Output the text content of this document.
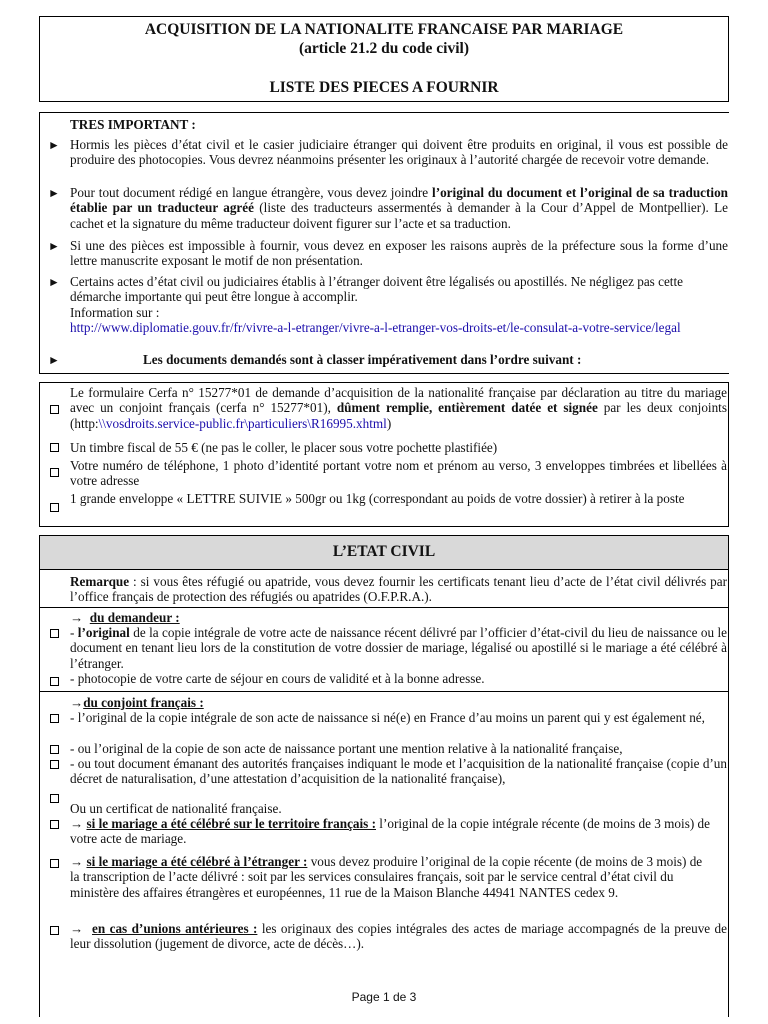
ACQUISITION DE LA NATIONALITE FRANCAISE PAR MARIAGE
(article 21.2 du code civil)
LISTE DES PIECES A FOURNIR
TRES IMPORTANT :
► Hormis les pièces d’état civil et le casier judiciaire étranger qui doivent être produits en original, il vous est possible de produire des photocopies. Vous devrez néanmoins présenter les originaux à l’autorité chargée de recevoir votre demande.
► Pour tout document rédigé en langue étrangère, vous devez joindre l’original du document et l’original de sa traduction établie par un traducteur agréé (liste des traducteurs assermentés à demander à la Cour d’Appel de Montpellier). Le cachet et la signature du même traducteur doivent figurer sur l’acte et sa traduction.
► Si une des pièces est impossible à fournir, vous devez en exposer les raisons auprès de la préfecture sous la forme d’une lettre manuscrite exposant le motif de non présentation.
► Certains actes d’état civil ou judiciaires établis à l’étranger doivent être légalisés ou apostillés. Ne négligez pas cette démarche importante qui peut être longue à accomplir.
Information sur :
http://www.diplomatie.gouv.fr/fr/vivre-a-l-etranger/vivre-a-l-etranger-vos-droits-et/le-consulat-a-votre-service/legal
►	Les documents demandés sont à classer impérativement dans l’ordre suivant :
Le formulaire Cerfa n° 15277*01 de demande d’acquisition de la nationalité française par déclaration au titre du mariage avec un conjoint français (cerfa n° 15277*01), dûment remplie, entièrement datée et signée par les deux conjoints (http:\\vosdroits.service-public.fr\particuliers\R16995.xhtml)
Un timbre fiscal de 55 € (ne pas le coller, le placer sous votre pochette plastifiée)
Votre numéro de téléphone, 1 photo d’identité portant votre nom et prénom au verso, 3 enveloppes timbrées et libellées à votre adresse
1 grande enveloppe « LETTRE SUIVIE » 500gr ou 1kg (correspondant au poids de votre dossier) à retirer à la poste
L’ETAT CIVIL
Remarque : si vous êtes réfugié ou apatride, vous devez fournir les certificats tenant lieu d’acte de l’état civil délivrés par l’office français de protection des réfugiés ou apatrides (O.F.P.R.A.).
→ du demandeur :
- l’original de la copie intégrale de votre acte de naissance récent délivré par l’officier d’état-civil du lieu de naissance ou le document en tenant lieu lors de la constitution de votre dossier de mariage, légalisé ou apostillé si le mariage a été célébré à l’étranger.
- photocopie de votre carte de séjour en cours de validité et à la bonne adresse.
→du conjoint français :
- l’original de la copie intégrale de son acte de naissance si né(e) en France d’au moins un parent qui y est également né,
- ou l’original de la copie de son acte de naissance portant une mention relative à la nationalité française,
- ou tout document émanant des autorités françaises indiquant le mode et l’acquisition de la nationalité française (copie d’un décret de naturalisation, d’une attestation d’acquisition de la nationalité française),
Ou un certificat de nationalité française.
→ si le mariage a été célébré sur le territoire français : l’original de la copie intégrale récente (de moins de 3 mois) de votre acte de mariage.
→ si le mariage a été célébré à l’étranger : vous devez produire l’original de la copie récente (de moins de 3 mois) de la transcription de l’acte délivré : soit par les services consulaires français, soit par le service central d’état civil du ministère des affaires étrangères et européennes, 11 rue de la Maison Blanche 44941 NANTES cedex 9.
→ en cas d’unions antérieures : les originaux des copies intégrales des actes de mariage accompagnés de la preuve de leur dissolution (jugement de divorce, acte de décès…).
Page 1 de 3
